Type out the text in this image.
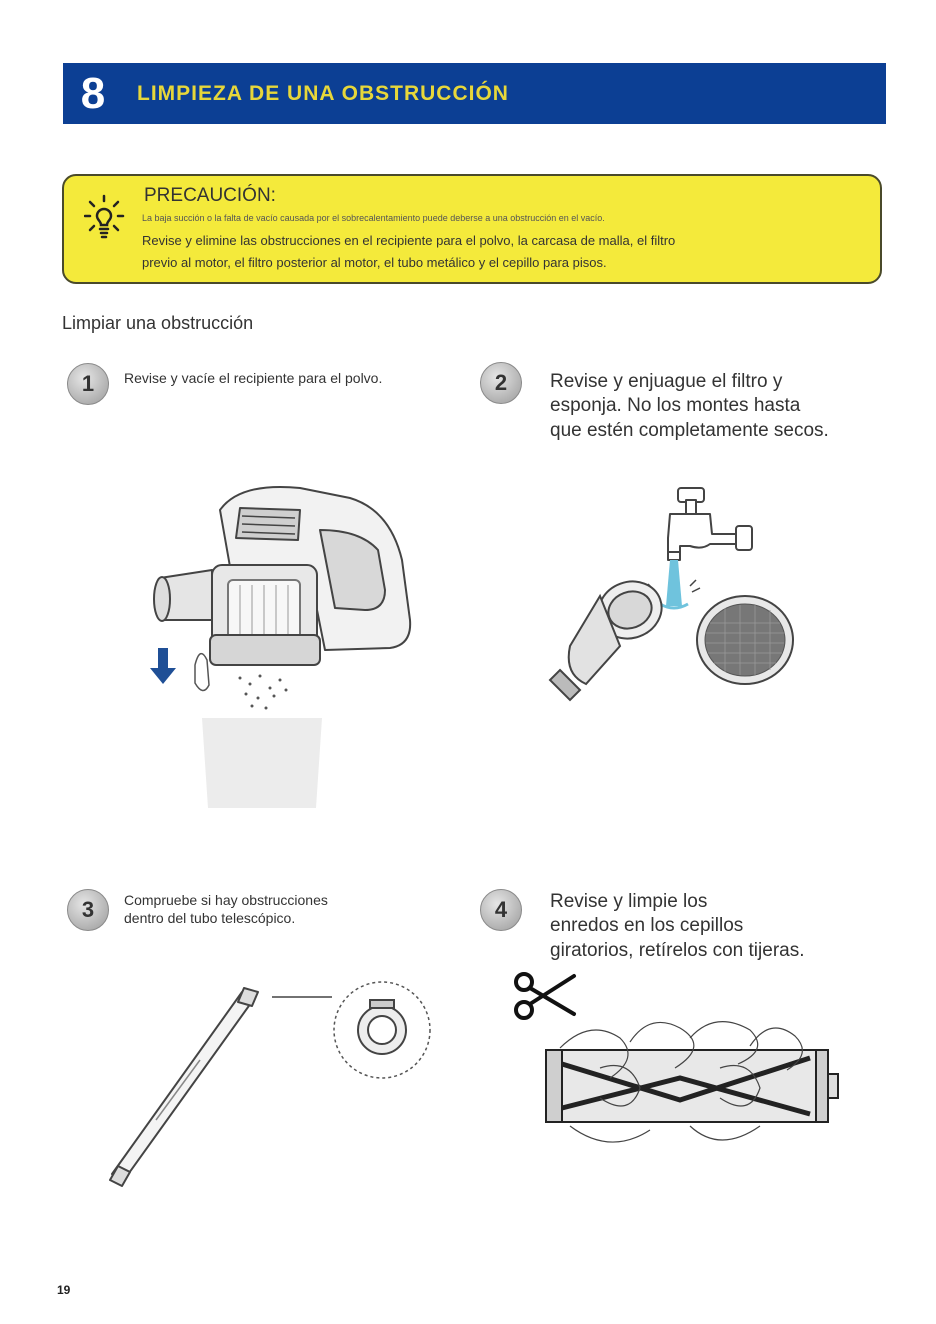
8	LIMPIEZA DE UNA OBSTRUCCIÓN
PRECAUCIÓN:
La baja succión o la falta de vacío causada por el sobrecalentamiento puede deberse a una obstrucción en el vacío.
Revise y elimine las obstrucciones en el recipiente para el polvo, la carcasa de malla, el filtro
previo al motor, el filtro posterior al motor, el tubo metálico y el cepillo para pisos.
Limpiar una obstrucción
1	Revise y vacíe el recipiente para el polvo.	2	Revise y enjuague el filtro y
esponja. No los montes hasta
que estén completamente secos.
3	Compruebe si hay obstrucciones
dentro del tubo telescópico.	4	Revise y limpie los
enredos en los cepillos
giratorios, retírelos con tijeras.
19
